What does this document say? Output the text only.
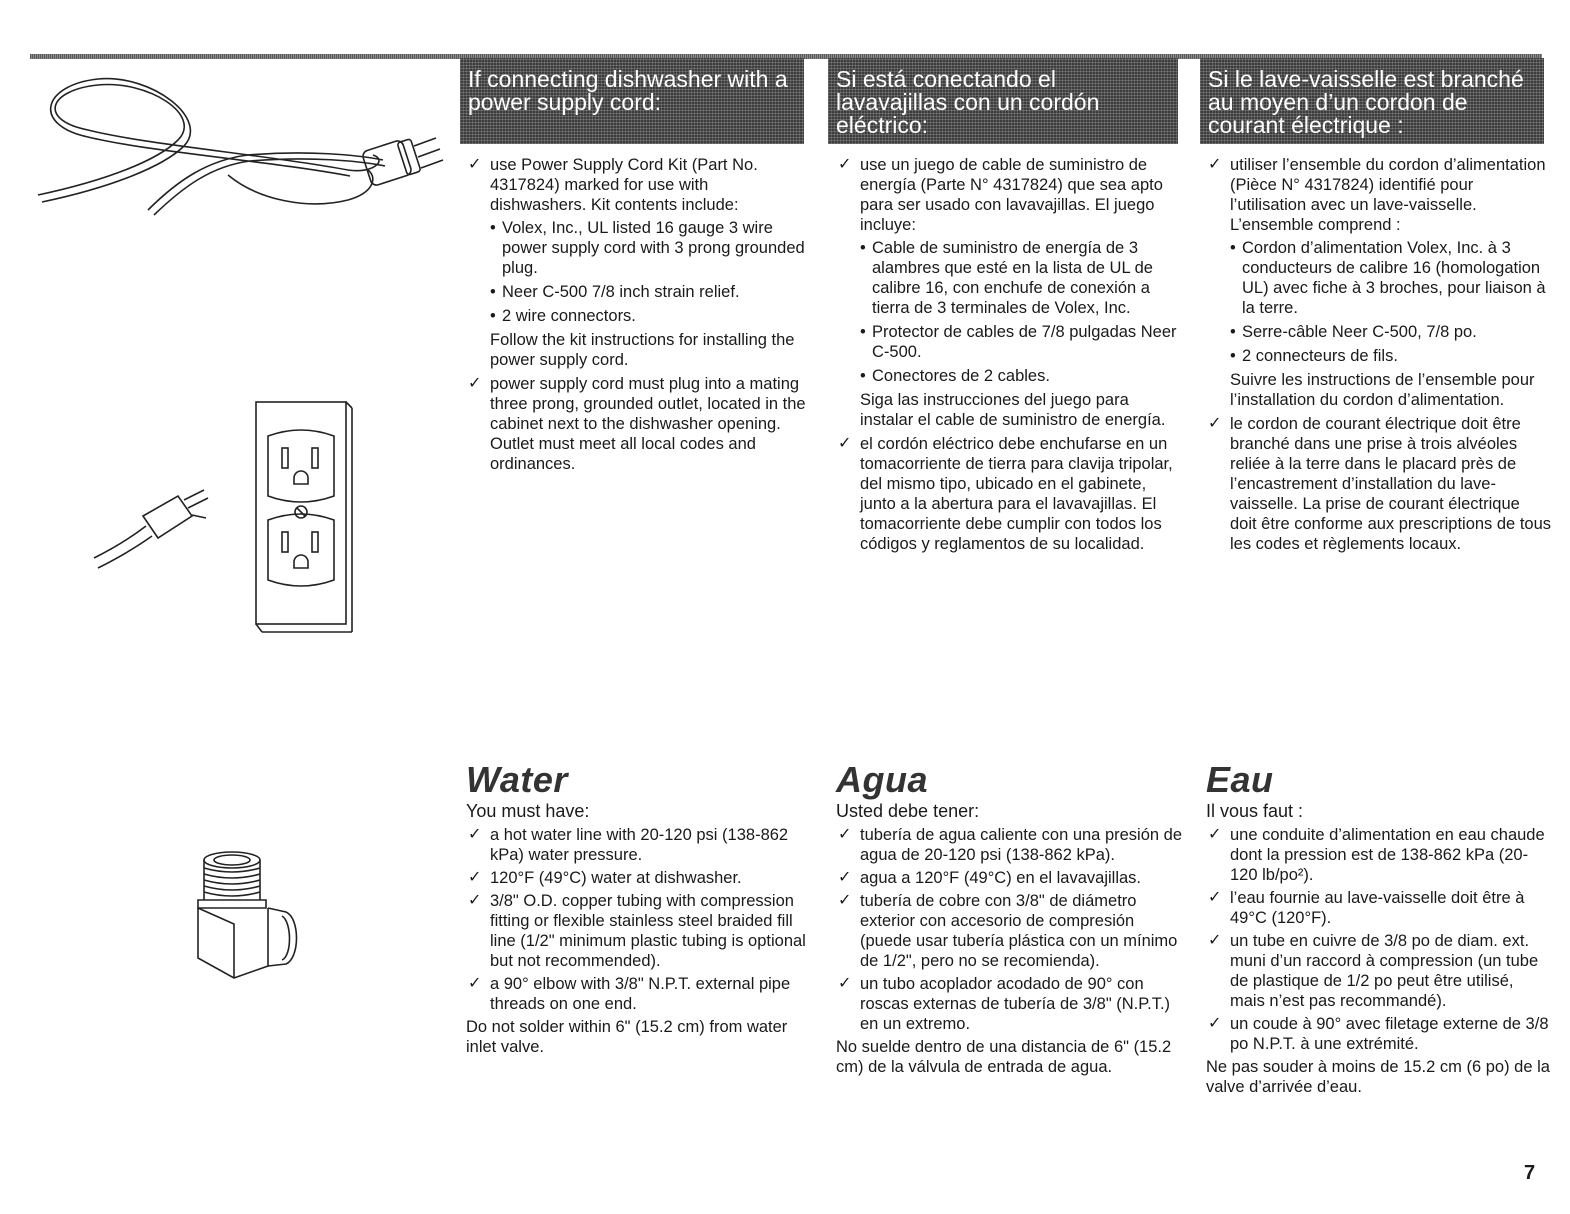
If connecting dishwasher with a power supply cord:
Si está conectando el lavavajillas con un cordón eléctrico:
Si le lave-vaisselle est branché au moyen d’un cordon de courant électrique :
✓ use Power Supply Cord Kit (Part No. 4317824) marked for use with dishwashers. Kit contents include:
• Volex, Inc., UL listed 16 gauge 3 wire power supply cord with 3 prong grounded plug.
• Neer C-500 7/8 inch strain relief.
• 2 wire connectors.

Follow the kit instructions for installing the power supply cord.

✓ power supply cord must plug into a mating three prong, grounded outlet, located in the cabinet next to the dishwasher opening. Outlet must meet all local codes and ordinances.
✓ use un juego de cable de suministro de energía (Parte N° 4317824) que sea apto para ser usado con lavavajillas. El juego incluye:
• Cable de suministro de energía de 3 alambres que esté en la lista de UL de calibre 16, con enchufe de conexión a tierra de 3 terminales de Volex, Inc.
• Protector de cables de 7/8 pulgadas Neer C-500.
• Conectores de 2 cables.

Siga las instrucciones del juego para instalar el cable de suministro de energía.

✓ el cordón eléctrico debe enchufarse en un tomacorriente de tierra para clavija tripolar, del mismo tipo, ubicado en el gabinete, junto a la abertura para el lavavajillas. El tomacorriente debe cumplir con todos los códigos y reglamentos de su localidad.
✓ utiliser l’ensemble du cordon d’alimentation (Pièce N° 4317824) identifié pour l’utilisation avec un lave-vaisselle. L’ensemble comprend :
• Cordon d’alimentation Volex, Inc. à 3 conducteurs de calibre 16 (homologation UL) avec fiche à 3 broches, pour liaison à la terre.
• Serre-câble Neer C-500, 7/8 po.
• 2 connecteurs de fils.

Suivre les instructions de l’ensemble pour l’installation du cordon d’alimentation.

✓ le cordon de courant électrique doit être branché dans une prise à trois alvéoles reliée à la terre dans le placard près de l’encastrement d’installation du lave-vaisselle. La prise de courant électrique doit être conforme aux prescriptions de tous les codes et règlements locaux.
Water

You must have:

✓ a hot water line with 20-120 psi (138-862 kPa) water pressure.
✓ 120°F (49°C) water at dishwasher.
✓ 3/8" O.D. copper tubing with compression fitting or flexible stainless steel braided fill line (1/2" minimum plastic tubing is optional but not recommended).
✓ a 90° elbow with 3/8" N.P.T. external pipe threads on one end.

Do not solder within 6" (15.2 cm) from water inlet valve.

Agua

Usted debe tener:

✓ tubería de agua caliente con una presión de agua de 20-120 psi (138-862 kPa).
✓ agua a 120°F (49°C) en el lavavajillas.
✓ tubería de cobre con 3/8" de diámetro exterior con accesorio de compresión (puede usar tubería plástica con un mínimo de 1/2", pero no se recomienda).
✓ un tubo acoplador acodado de 90° con roscas externas de tubería de 3/8" (N.P.T.) en un extremo.

No suelde dentro de una distancia de 6" (15.2 cm) de la válvula de entrada de agua.

Eau

Il vous faut :

✓ une conduite d’alimentation en eau chaude dont la pression est de 138-862 kPa (20-120 lb/po²).
✓ l’eau fournie au lave-vaisselle doit être à 49°C (120°F).
✓ un tube en cuivre de 3/8 po de diam. ext. muni d’un raccord à compression (un tube de plastique de 1/2 po peut être utilisé, mais n’est pas recommandé).
✓ un coude à 90° avec filetage externe de 3/8 po N.P.T. à une extrémité.

Ne pas souder à moins de 15.2 cm (6 po) de la valve d’arrivée d’eau.

7
